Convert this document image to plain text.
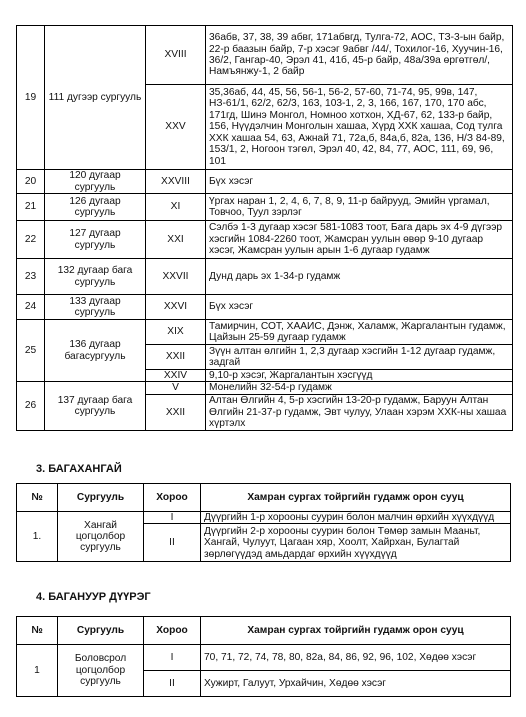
19	111 дугээр сургууль	XVIII	36абв, 37, 38, 39 абвг, 171абвгд, Тулга-72, АОС, ТЗ-3-ын байр, 22-р баазын байр, 7-р хэсэг 9абвг /44/, Тохилог-16, Хуучин-16, 36/2, Гангар-40, Эрэл 41, 41б, 45-р байр, 48а/39а өргөтгөл/, Намъянжу-1, 2 байр
		XXV	35,36аб, 44, 45, 56, 56-1, 56-2, 57-60, 71-74, 95, 99в, 147, НЗ-61/1, 62/2, 62/3, 163, 103-1, 2, 3, 166, 167, 170, 170 абс, 171гд, Шинэ Монгол, Номноо хотхон, ХД-67, 62, 133-р байр, 156, Нүүдэлчин Монголын хашаа, Хүрд ХХК хашаа, Сод тулга ХХК хашаа 54, 63, Ажнай 71, 72а,б, 84а,б, 82а, 136, Н/З 84-89, 153/1, 2, Ногоон тэгөл, Эрэл 40, 42, 84, 77, АОС, 111, 69, 96, 101
20	120 дугаар сургууль	XXVIII	Бүх хэсэг
21	126 дугаар сургууль	XI	Үргах наран 1, 2, 4, 6, 7, 8, 9, 11-р байрууд, Эмийн үргамал, Товчоо, Туул зэрлэг
22	127 дугаар сургууль	XXI	Сэлбэ 1-3 дугаар хэсэг 581-1083 тоот, Бага дарь эх 4-9 дүгээр хэсгийн 1084-2260 тоот, Жамсран уулын өвөр 9-10 дугаар хэсэг, Жамсран уулын арын 1-6 дугаар гудамж
23	132 дугаар бага сургууль	XXVII	Дунд дарь эх 1-34-р гудамж
24	133 дугаар сургууль	XXVI	Бүх хэсэг
25	136 дугаар багасургууль	XIX	Тамирчин, СОТ, ХААИС, Дэнж, Халамж, Жаргалантын гудамж, Цайзын 25-59 дугаар гудамж
		XXII	Зүүн алтан өлгийн 1, 2,3 дугаар хэсгийн 1-12 дугаар гудамж, задгай
		XXIV	9,10-р хэсэг, Жаргалантын хэсгүүд
26	137 дугаар бага сургууль	V	Монелийн 32-54-р гудамж
		XXII	Алтан Өлгийн 4, 5-р хэсгийн 13-20-р гудамж, Баруун Алтан Өлгийн 21-37-р гудамж, Эвт чулуу, Улаан хэрэм ХХК-ны хашаа хүртэлх
3. БАГАХАНГАЙ
№	Сургууль	Хороо	Хамран сургах тойргийн гудамж орон сууц
1.	Хангай цогцолбор сургууль	I	Дүүргийн 1-р хорооны суурин болон малчин өрхийн хүүхдүүд
		II	Дүүргийн 2-р хорооны суурин болон Төмөр замын Мааньт, Хангай, Чулуут, Цагаан хяр, Хоолт, Хайрхан, Булагтай зөрлөгүүдэд амьдардаг өрхийн хүүхдүүд
4. БАГАНУУР ДҮҮРЭГ
№	Сургууль	Хороо	Хамран сургах тойргийн гудамж орон сууц
1	Боловсрол цогцолбор сургууль	I	70, 71, 72, 74, 78, 80, 82а, 84, 86, 92, 96, 102, Хөдөө хэсэг
		II	Хужирт, Галуут, Урхайчин, Хөдөө хэсэг
